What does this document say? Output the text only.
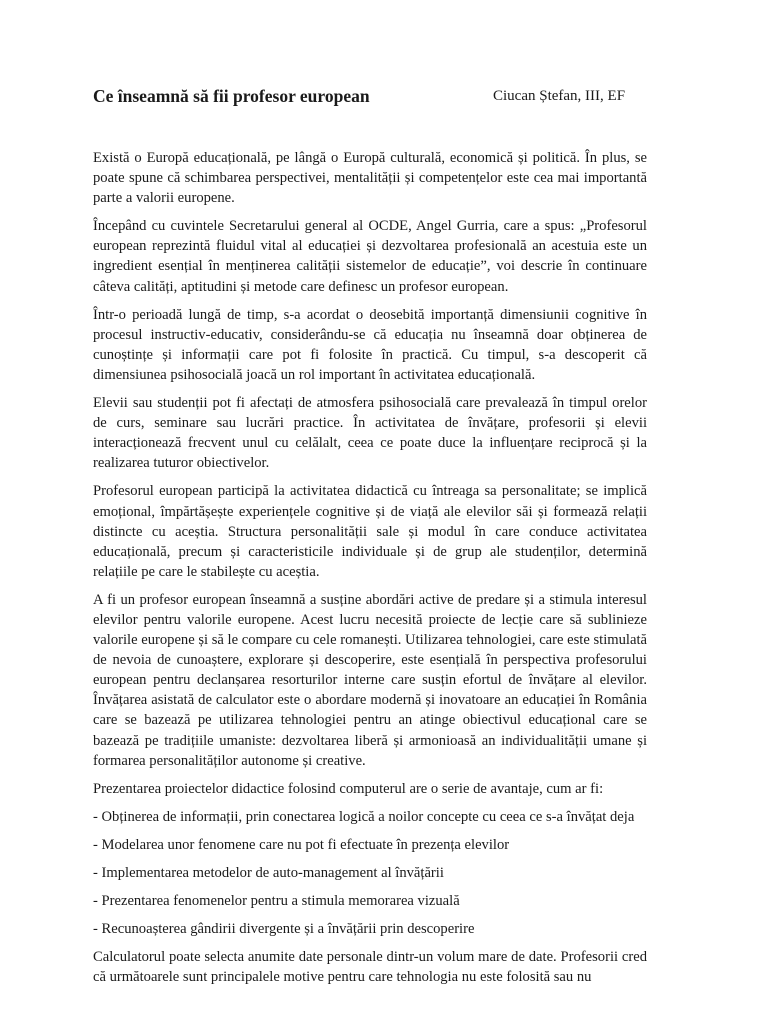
Ce înseamnă să fii profesor european	Ciucan Ștefan, III, EF

Există o Europă educațională, pe lângă o Europă culturală, economică și politică. În plus, se poate spune că schimbarea perspectivei, mentalității și competențelor este cea mai importantă parte a valorii europene.

Începând cu cuvintele Secretarului general al OCDE, Angel Gurria, care a spus: „Profesorul european reprezintă fluidul vital al educației și dezvoltarea profesională an acestuia este un ingredient esențial în menținerea calității sistemelor de educație”, voi descrie în continuare câteva calități, aptitudini și metode care definesc un profesor european.

Într-o perioadă lungă de timp, s-a acordat o deosebită importanță dimensiunii cognitive în procesul instructiv-educativ, considerându-se că educația nu înseamnă doar obținerea de cunoștințe și informații care pot fi folosite în practică. Cu timpul, s-a descoperit că dimensiunea psihosocială joacă un rol important în activitatea educațională.

Elevii sau studenții pot fi afectați de atmosfera psihosocială care prevalează în timpul orelor de curs, seminare sau lucrări practice. În activitatea de învățare, profesorii și elevii interacționează frecvent unul cu celălalt, ceea ce poate duce la influențare reciprocă și la realizarea tuturor obiectivelor.

Profesorul european participă la activitatea didactică cu întreaga sa personalitate; se implică emoțional, împărtășește experiențele cognitive și de viață ale elevilor săi și formează relații distincte cu aceștia. Structura personalității sale și modul în care conduce activitatea educațională, precum și caracteristicile individuale și de grup ale studenților, determină relațiile pe care le stabilește cu aceștia.

A fi un profesor european înseamnă a susține abordări active de predare și a stimula interesul elevilor pentru valorile europene. Acest lucru necesită proiecte de lecție care să sublinieze valorile europene și să le compare cu cele romanești. Utilizarea tehnologiei, care este stimulată de nevoia de cunoaștere, explorare și descoperire, este esențială în perspectiva profesorului european pentru declanșarea resorturilor interne care susțin efortul de învățare al elevilor. Învățarea asistată de calculator este o abordare modernă și inovatoare an educației în România care se bazează pe utilizarea tehnologiei pentru an atinge obiectivul educațional care se bazează pe tradițiile umaniste: dezvoltarea liberă și armonioasă an individualității umane și formarea personalităților autonome și creative.

Prezentarea proiectelor didactice folosind computerul are o serie de avantaje, cum ar fi:

- Obținerea de informații, prin conectarea logică a noilor concepte cu ceea ce s-a învățat deja

- Modelarea unor fenomene care nu pot fi efectuate în prezența elevilor

- Implementarea metodelor de auto-management al învățării

- Prezentarea fenomenelor pentru a stimula memorarea vizuală

- Recunoașterea gândirii divergente și a învățării prin descoperire

Calculatorul poate selecta anumite date personale dintr-un volum mare de date. Profesorii cred că următoarele sunt principalele motive pentru care tehnologia nu este folosită sau nu
